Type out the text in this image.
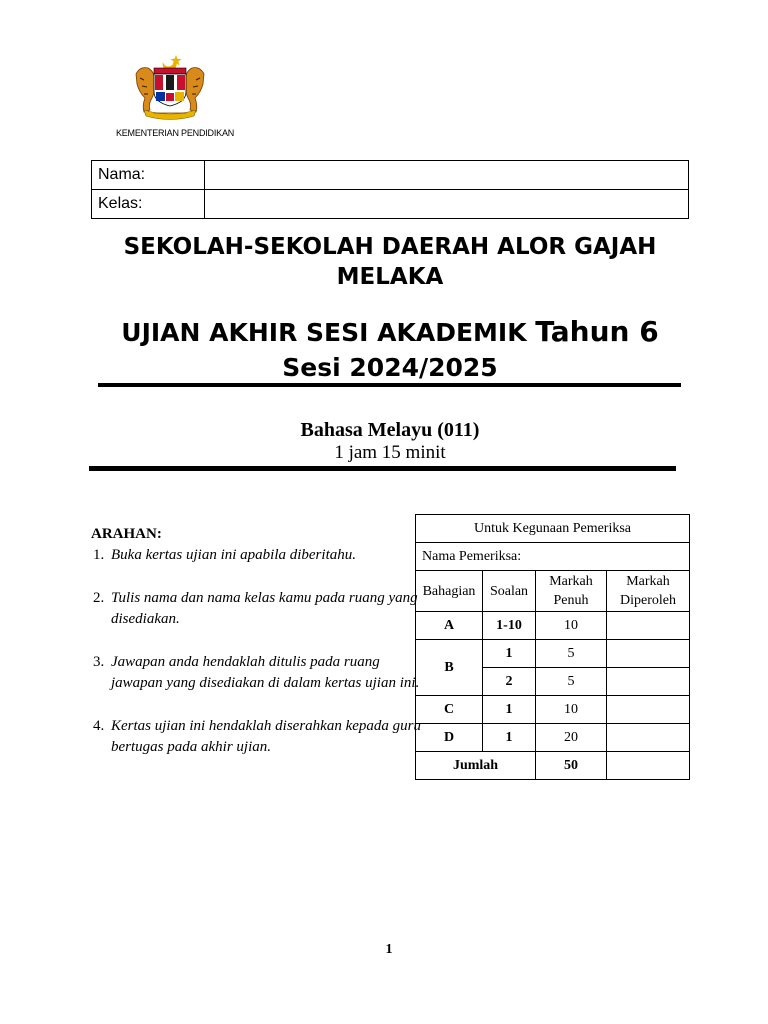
KEMENTERIAN PENDIDIKAN
Nama:	
Kelas:	
SEKOLAH-SEKOLAH DAERAH ALOR GAJAH
MELAKA
UJIAN AKHIR SESI AKADEMIK Tahun 6
Sesi 2024/2025
Bahasa Melayu (011)
1 jam 15 minit
ARAHAN:
1. Buka kertas ujian ini apabila diberitahu.
2. Tulis nama dan nama kelas kamu pada ruang yang disediakan.
3. Jawapan anda hendaklah ditulis pada ruang jawapan yang disediakan di dalam kertas ujian ini.
4. Kertas ujian ini hendaklah diserahkan kepada guru bertugas pada akhir ujian.
Untuk Kegunaan Pemeriksa			
Nama Pemeriksa:			
Bahagian	Soalan	Markah Penuh	Markah Diperoleh
A	1-10	10	
B	1	5	
	2	5	
C	1	10	
D	1	20	
Jumlah		50	
1
